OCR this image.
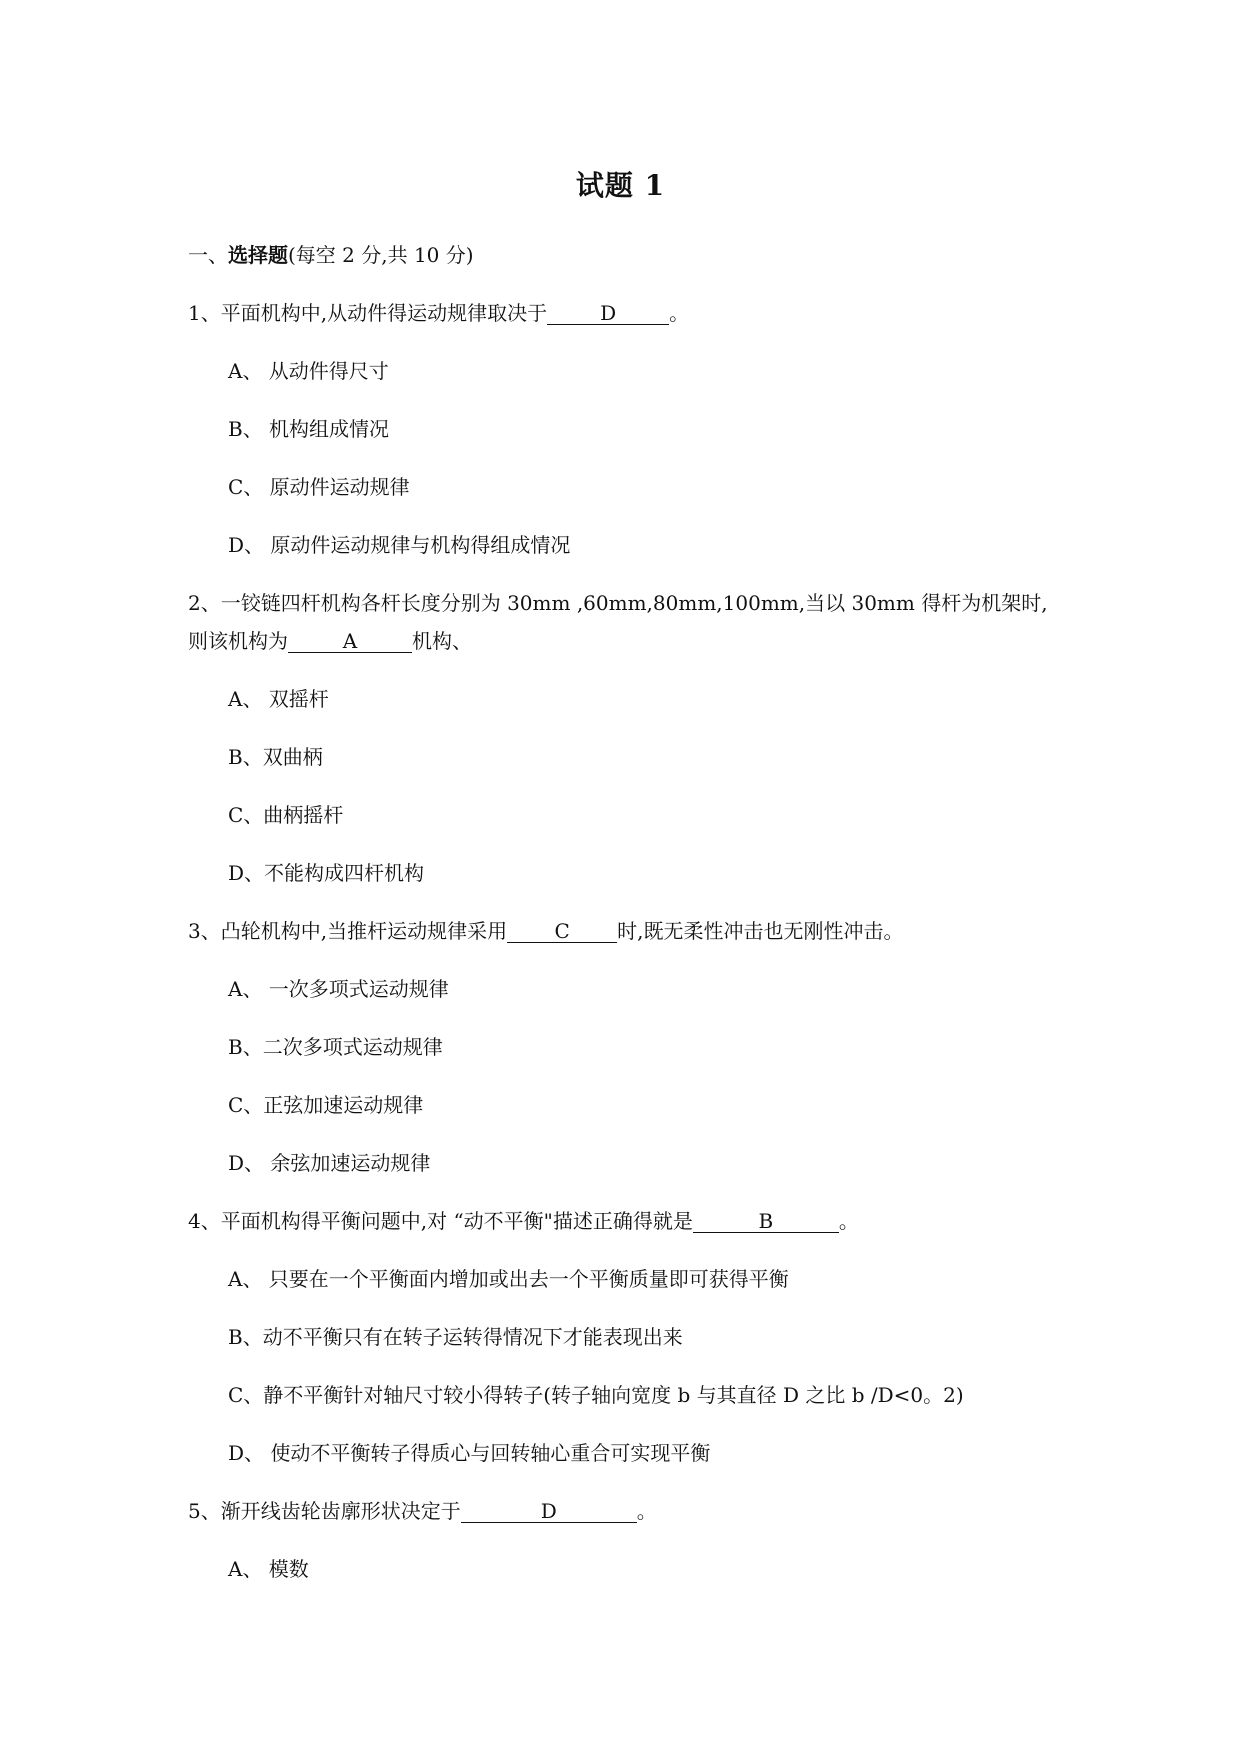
试题 1
一、选择题(每空 2 分,共 10 分)
1、平面机构中,从动件得运动规律取决于	D	。
A、 从动件得尺寸
B、 机构组成情况
C、 原动件运动规律
D、 原动件运动规律与机构得组成情况
2、一铰链四杆机构各杆长度分别为 30mm ,60mm,80mm,100mm,当以 30mm 得杆为机架时,
则该机构为	A	机构、
A、 双摇杆
B、双曲柄
C、曲柄摇杆
D、不能构成四杆机构
3、凸轮机构中,当推杆运动规律采用 C 时,既无柔性冲击也无刚性冲击。
A、 一次多项式运动规律
B、二次多项式运动规律
C、正弦加速运动规律
D、 余弦加速运动规律
4、平面机构得平衡问题中,对 “动不平衡"描述正确得就是	B	。
A、 只要在一个平衡面内增加或出去一个平衡质量即可获得平衡
B、动不平衡只有在转子运转得情况下才能表现出来
C、静不平衡针对轴尺寸较小得转子(转子轴向宽度 b 与其直径 D 之比 b /D<0。2)
D、 使动不平衡转子得质心与回转轴心重合可实现平衡
5、渐开线齿轮齿廓形状决定于	D	。
A、 模数
